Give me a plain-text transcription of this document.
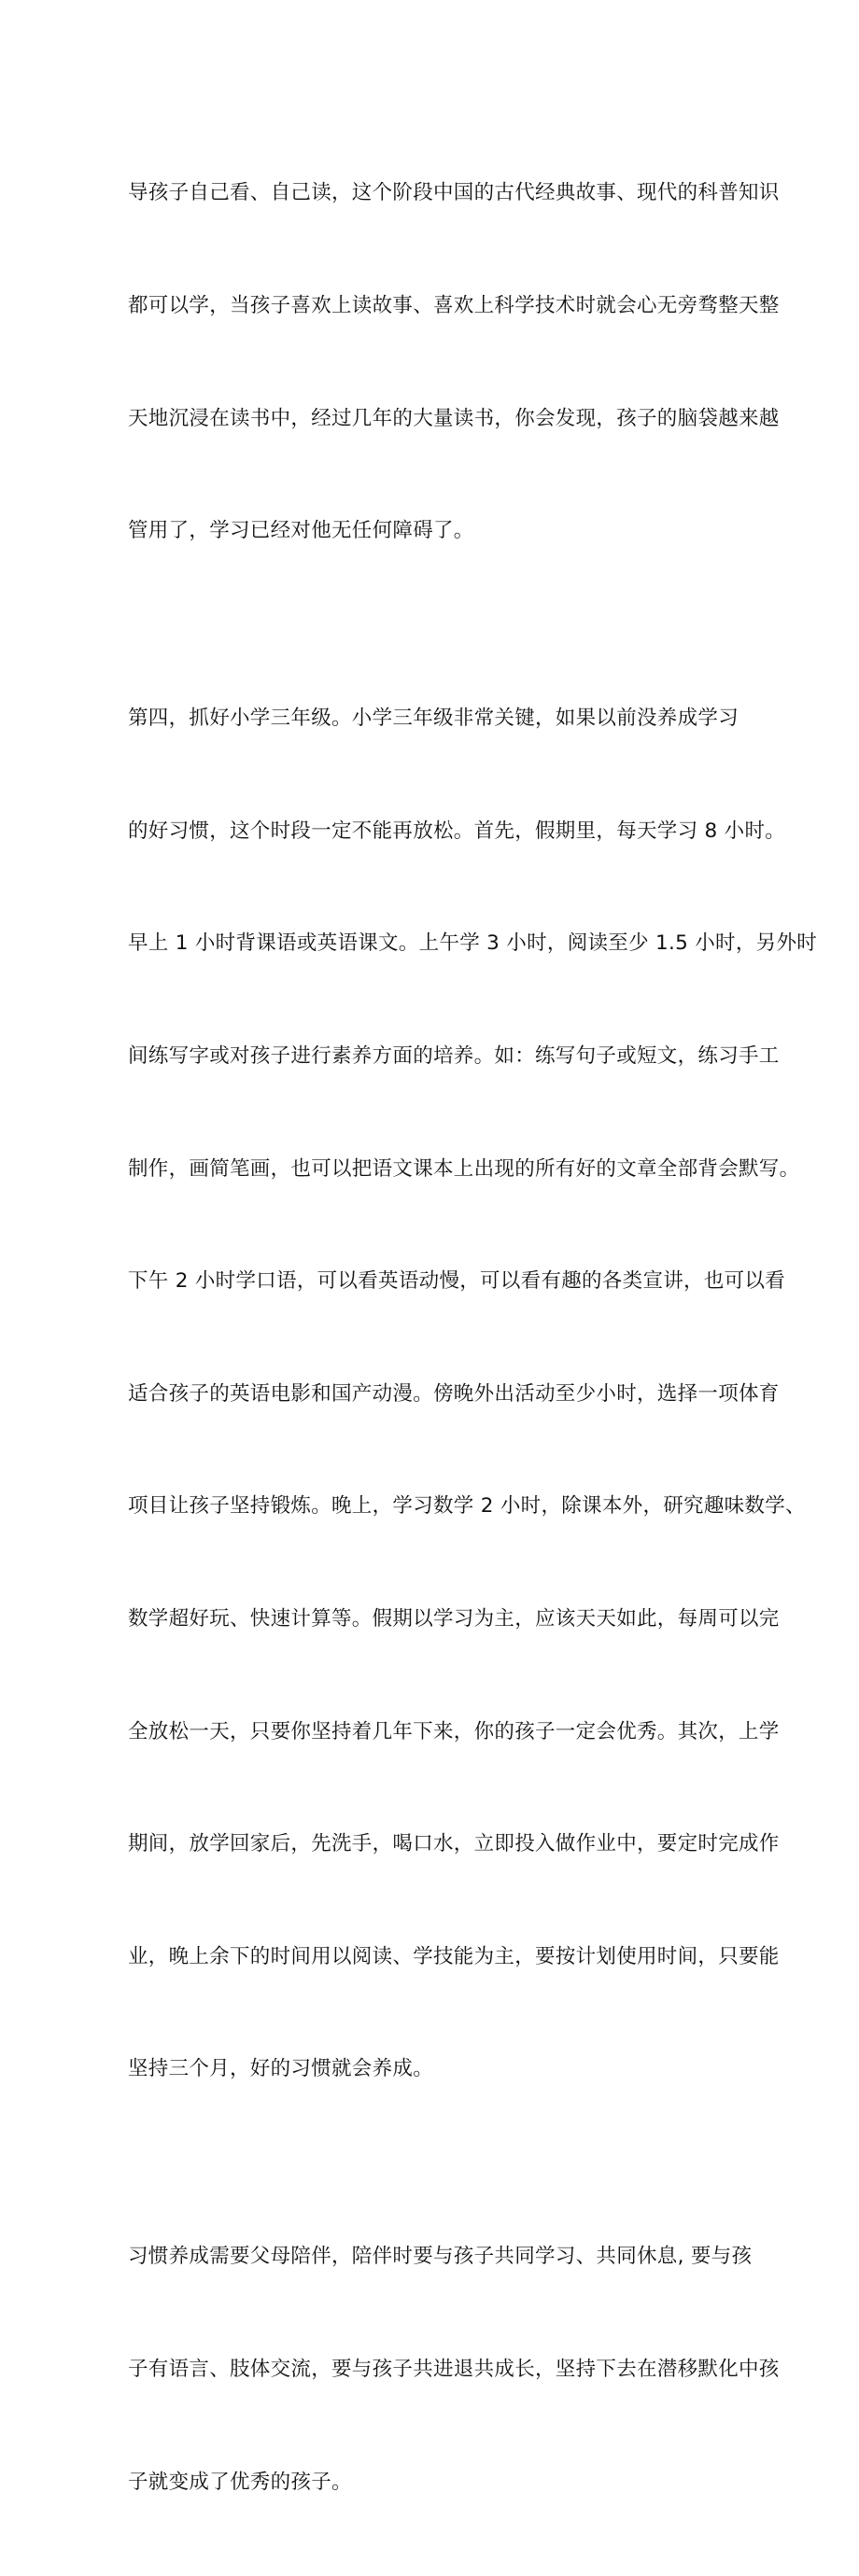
导孩子自己看、自己读，这个阶段中国的古代经典故事、现代的科普知识

都可以学，当孩子喜欢上读故事、喜欢上科学技术时就会心无旁骛整天整

天地沉浸在读书中，经过几年的大量读书，你会发现，孩子的脑袋越来越

管用了，学习已经对他无任何障碍了。

第四，抓好小学三年级。小学三年级非常关键，如果以前没养成学习

的好习惯，这个时段一定不能再放松。首先，假期里，每天学习 8 小时。

早上 1 小时背课语或英语课文。上午学 3 小时，阅读至少 1.5 小时，另外时

间练写字或对孩子进行素养方面的培养。如：练写句子或短文，练习手工

制作，画简笔画，也可以把语文课本上出现的所有好的文章全部背会默写。

下午 2 小时学口语，可以看英语动慢，可以看有趣的各类宣讲，也可以看

适合孩子的英语电影和国产动漫。傍晚外出活动至少小时，选择一项体育

项目让孩子坚持锻炼。晚上，学习数学 2 小时，除课本外，研究趣味数学、

数学超好玩、快速计算等。假期以学习为主，应该天天如此，每周可以完

全放松一天，只要你坚持着几年下来，你的孩子一定会优秀。其次，上学

期间，放学回家后，先洗手，喝口水，立即投入做作业中，要定时完成作

业，晚上余下的时间用以阅读、学技能为主，要按计划使用时间，只要能

坚持三个月，好的习惯就会养成。

习惯养成需要父母陪伴，陪伴时要与孩子共同学习、共同休息, 要与孩

子有语言、肢体交流，要与孩子共进退共成长，坚持下去在潜移默化中孩

子就变成了优秀的孩子。
